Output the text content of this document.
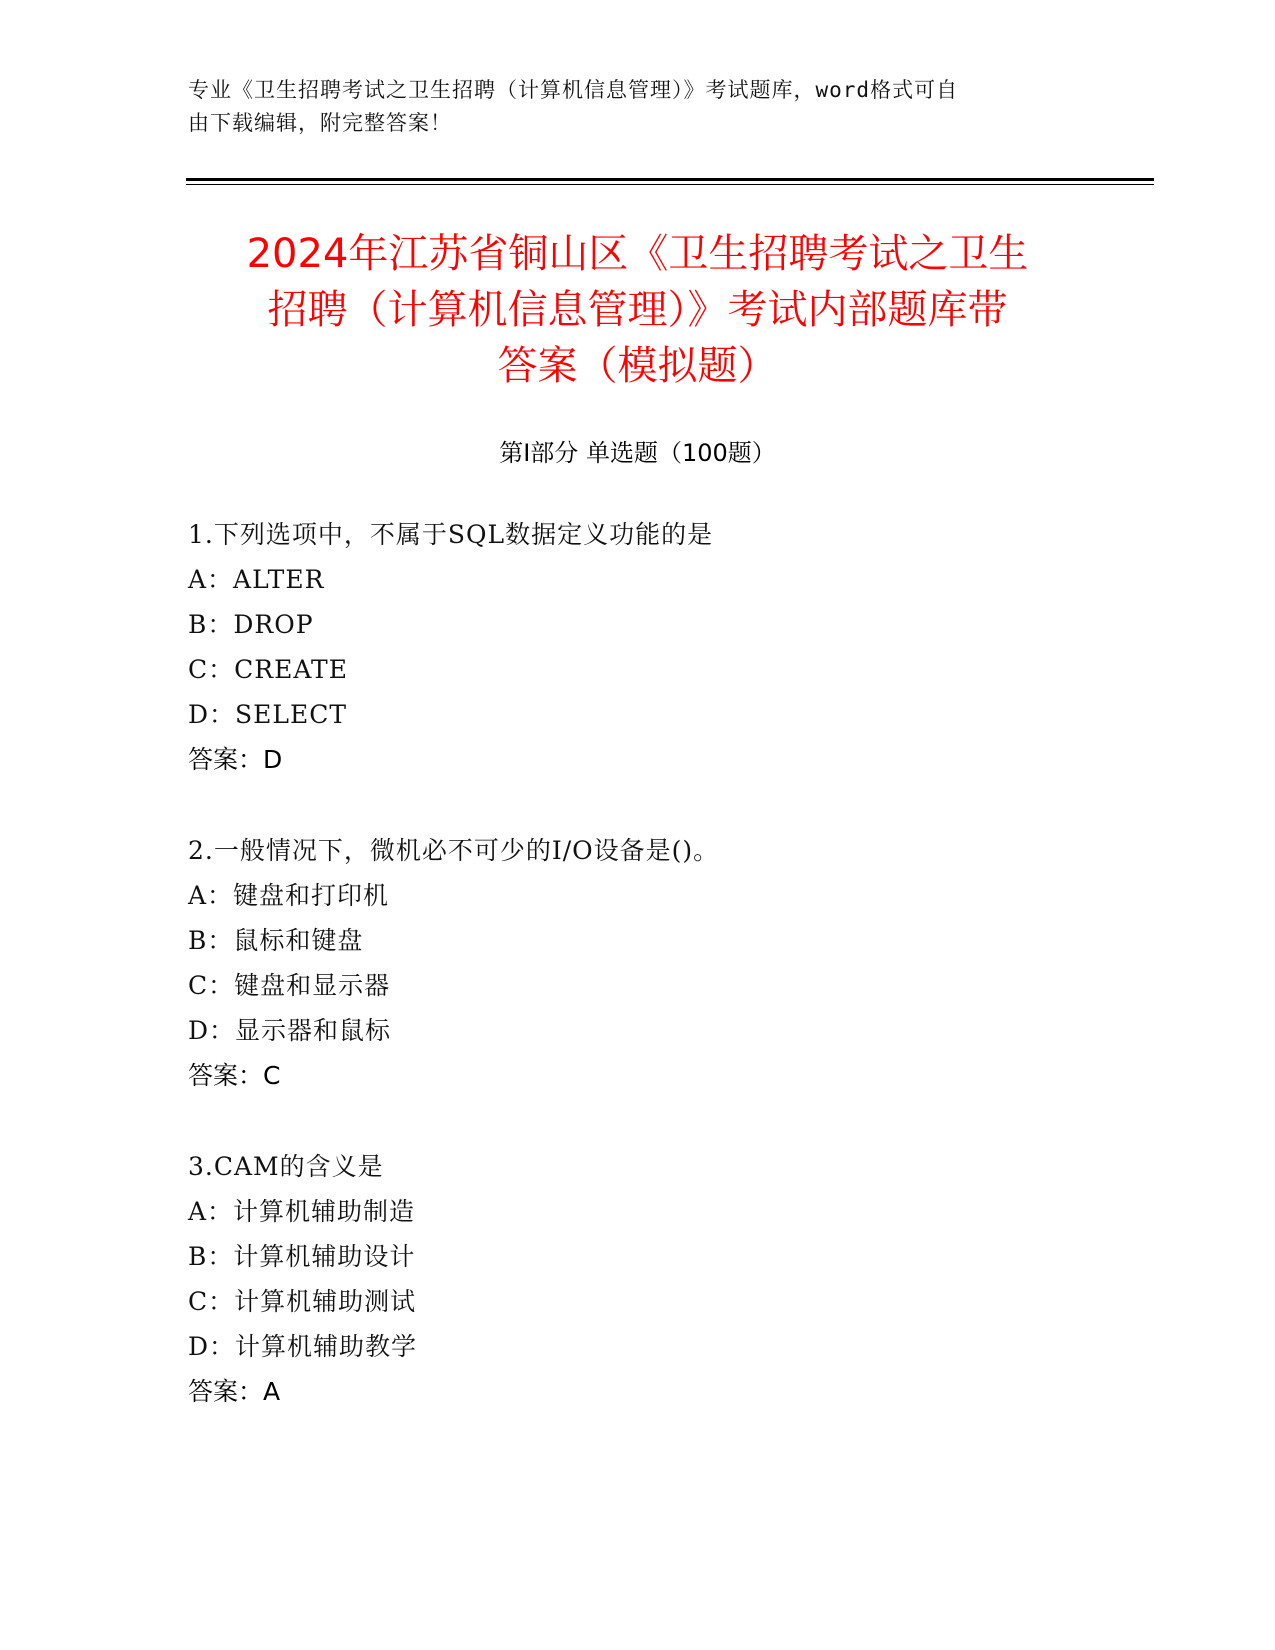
专业《卫生招聘考试之卫生招聘（计算机信息管理）》考试题库，word格式可自
由下载编辑，附完整答案！
2024年江苏省铜山区《卫生招聘考试之卫生
招聘（计算机信息管理）》考试内部题库带
答案（模拟题）
第I部分 单选题（100题）
1.下列选项中，不属于SQL数据定义功能的是
A：ALTER
B：DROP
C：CREATE
D：SELECT
答案：D
2.一般情况下，微机必不可少的I/O设备是()。
A：键盘和打印机
B：鼠标和键盘
C：键盘和显示器
D：显示器和鼠标
答案：C
3.CAM的含义是
A：计算机辅助制造
B：计算机辅助设计
C：计算机辅助测试
D：计算机辅助教学
答案：A
